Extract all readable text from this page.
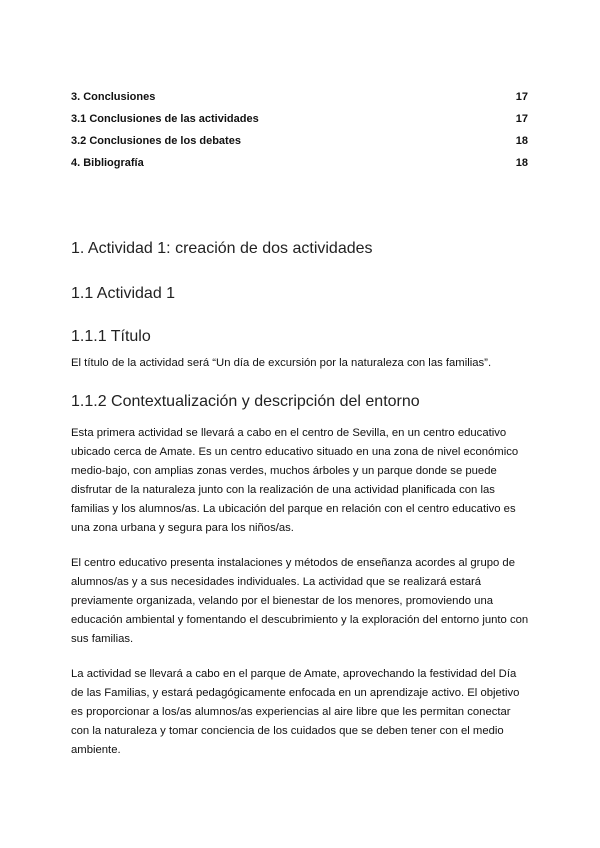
3. Conclusiones	17
3.1 Conclusiones de las actividades	17
3.2 Conclusiones de los debates	18
4. Bibliografía	18
1. Actividad 1: creación de dos actividades
1.1 Actividad 1
1.1.1 Título

El título de la actividad será “Un día de excursión por la naturaleza con las familias”.

1.1.2 Contextualización y descripción del entorno

Esta primera actividad se llevará a cabo en el centro de Sevilla, en un centro educativo ubicado cerca de Amate. Es un centro educativo situado en una zona de nivel económico medio-bajo, con amplias zonas verdes, muchos árboles y un parque donde se puede disfrutar de la naturaleza junto con la realización de una actividad planificada con las familias y los alumnos/as. La ubicación del parque en relación con el centro educativo es una zona urbana y segura para los niños/as.

El centro educativo presenta instalaciones y métodos de enseñanza acordes al grupo de alumnos/as y a sus necesidades individuales. La actividad que se realizará estará previamente organizada, velando por el bienestar de los menores, promoviendo una educación ambiental y fomentando el descubrimiento y la exploración del entorno junto con sus familias.

La actividad se llevará a cabo en el parque de Amate, aprovechando la festividad del Día de las Familias, y estará pedagógicamente enfocada en un aprendizaje activo. El objetivo es proporcionar a los/as alumnos/as experiencias al aire libre que les permitan conectar con la naturaleza y tomar conciencia de los cuidados que se deben tener con el medio ambiente.
